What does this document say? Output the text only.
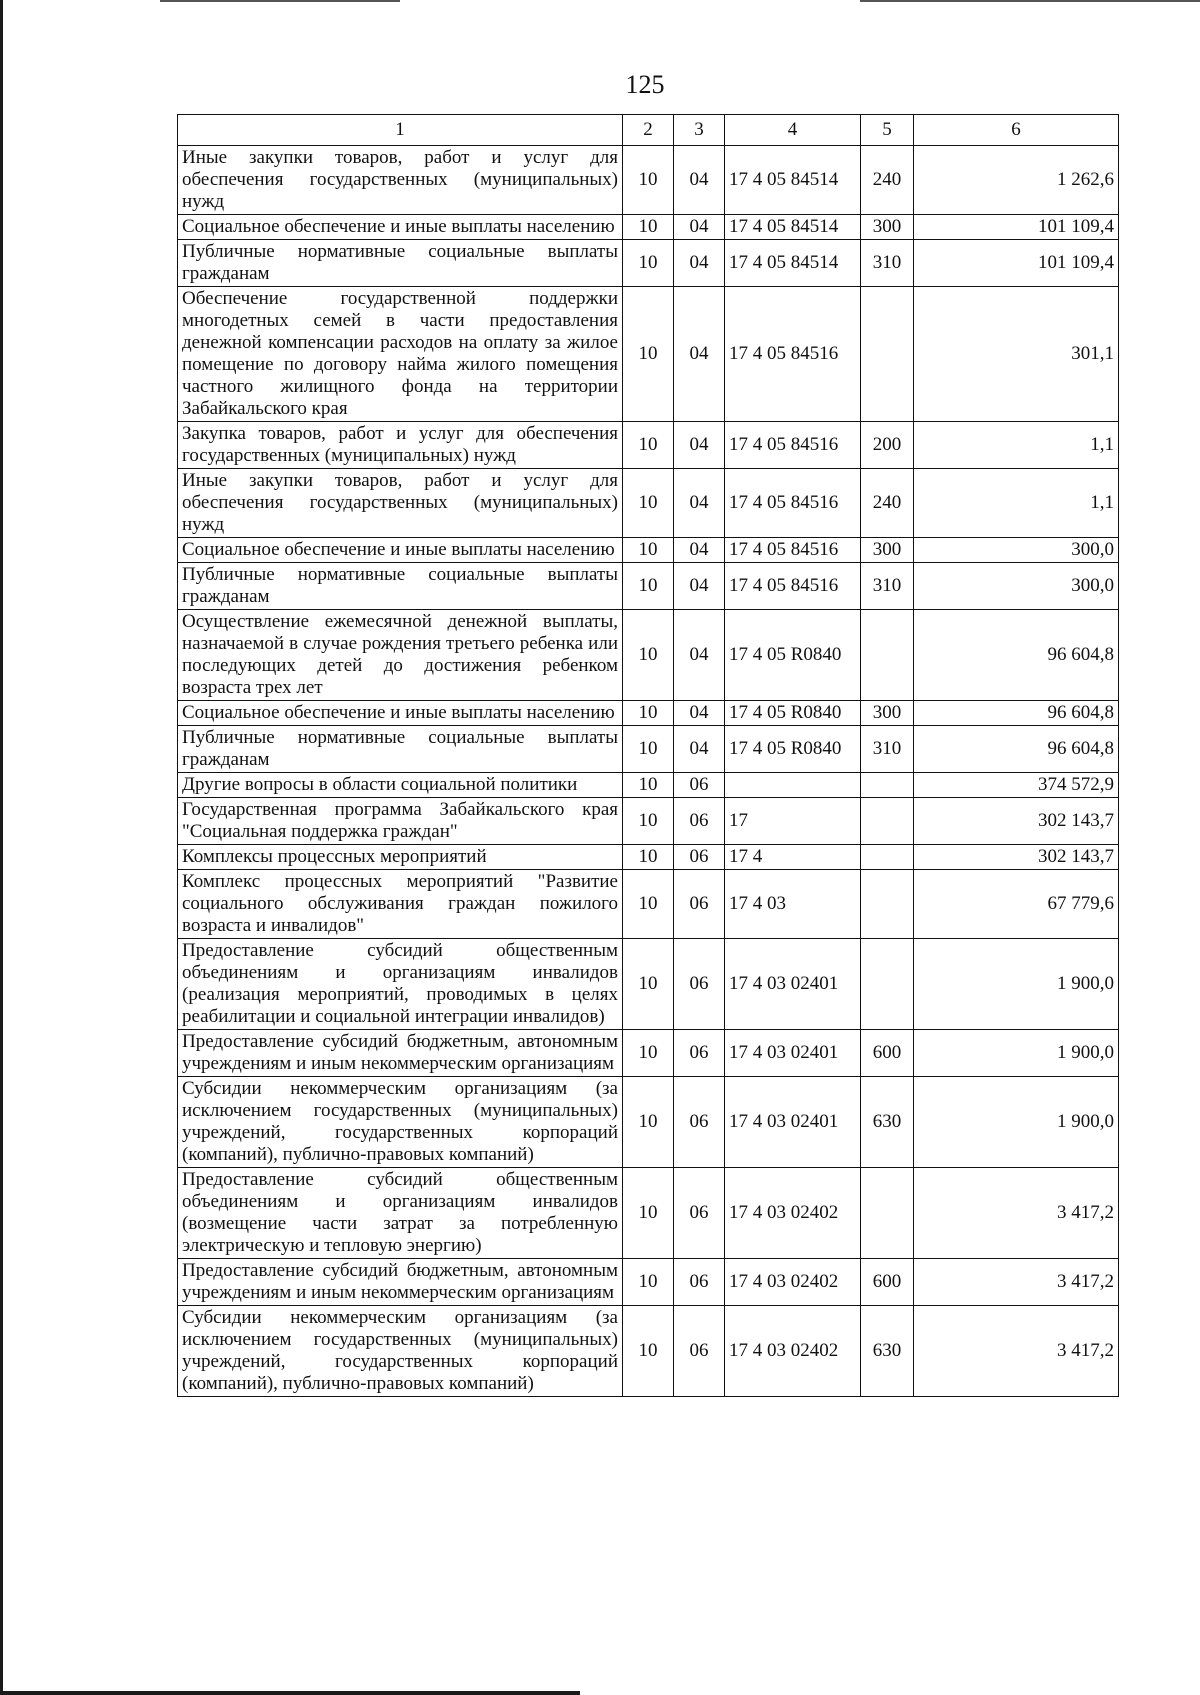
125
1	2	3	4	5	6
Иные закупки товаров, работ и услуг для обеспечения государственных (муниципальных) нужд	10	04	17 4 05 84514	240	1 262,6
Социальное обеспечение и иные выплаты населению	10	04	17 4 05 84514	300	101 109,4
Публичные нормативные социальные выплаты гражданам	10	04	17 4 05 84514	310	101 109,4
Обеспечение государственной поддержки многодетных семей в части предоставления денежной компенсации расходов на оплату за жилое помещение по договору найма жилого помещения частного жилищного фонда на территории Забайкальского края	10	04	17 4 05 84516		301,1
Закупка товаров, работ и услуг для обеспечения государственных (муниципальных) нужд	10	04	17 4 05 84516	200	1,1
Иные закупки товаров, работ и услуг для обеспечения государственных (муниципальных) нужд	10	04	17 4 05 84516	240	1,1
Социальное обеспечение и иные выплаты населению	10	04	17 4 05 84516	300	300,0
Публичные нормативные социальные выплаты гражданам	10	04	17 4 05 84516	310	300,0
Осуществление ежемесячной денежной выплаты, назначаемой в случае рождения третьего ребенка или последующих детей до достижения ребенком возраста трех лет	10	04	17 4 05 R0840		96 604,8
Социальное обеспечение и иные выплаты населению	10	04	17 4 05 R0840	300	96 604,8
Публичные нормативные социальные выплаты гражданам	10	04	17 4 05 R0840	310	96 604,8
Другие вопросы в области социальной политики	10	06			374 572,9
Государственная программа Забайкальского края "Социальная поддержка граждан"	10	06	17		302 143,7
Комплексы процессных мероприятий	10	06	17 4		302 143,7
Комплекс процессных мероприятий "Развитие социального обслуживания граждан пожилого возраста и инвалидов"	10	06	17 4 03		67 779,6
Предоставление субсидий общественным объединениям и организациям инвалидов (реализация мероприятий, проводимых в целях реабилитации и социальной интеграции инвалидов)	10	06	17 4 03 02401		1 900,0
Предоставление субсидий бюджетным, автономным учреждениям и иным некоммерческим организациям	10	06	17 4 03 02401	600	1 900,0
Субсидии некоммерческим организациям (за исключением государственных (муниципальных) учреждений, государственных корпораций (компаний), публично-правовых компаний)	10	06	17 4 03 02401	630	1 900,0
Предоставление субсидий общественным объединениям и организациям инвалидов (возмещение части затрат за потребленную электрическую и тепловую энергию)	10	06	17 4 03 02402		3 417,2
Предоставление субсидий бюджетным, автономным учреждениям и иным некоммерческим организациям	10	06	17 4 03 02402	600	3 417,2
Субсидии некоммерческим организациям (за исключением государственных (муниципальных) учреждений, государственных корпораций (компаний), публично-правовых компаний)	10	06	17 4 03 02402	630	3 417,2
